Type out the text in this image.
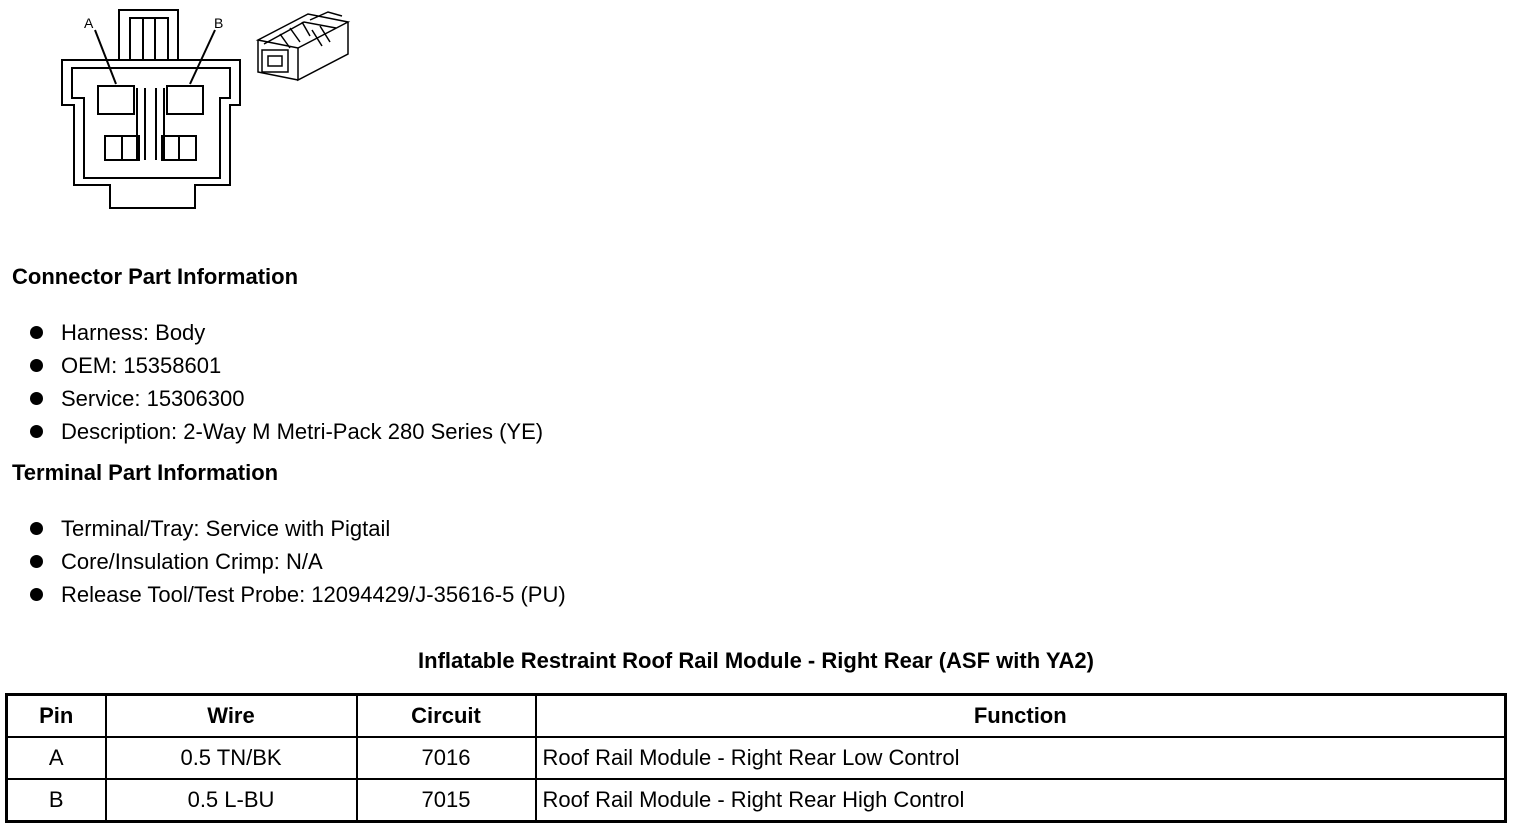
A	B
Connector Part Information
Harness: Body
OEM: 15358601
Service: 15306300
Description: 2-Way M Metri-Pack 280 Series (YE)
Terminal Part Information
Terminal/Tray: Service with Pigtail
Core/Insulation Crimp: N/A
Release Tool/Test Probe: 12094429/J-35616-5 (PU)
Inflatable Restraint Roof Rail Module - Right Rear (ASF with YA2)
Pin	Wire	Circuit	Function
A	0.5 TN/BK	7016	Roof Rail Module - Right Rear Low Control
B	0.5 L-BU	7015	Roof Rail Module - Right Rear High Control
